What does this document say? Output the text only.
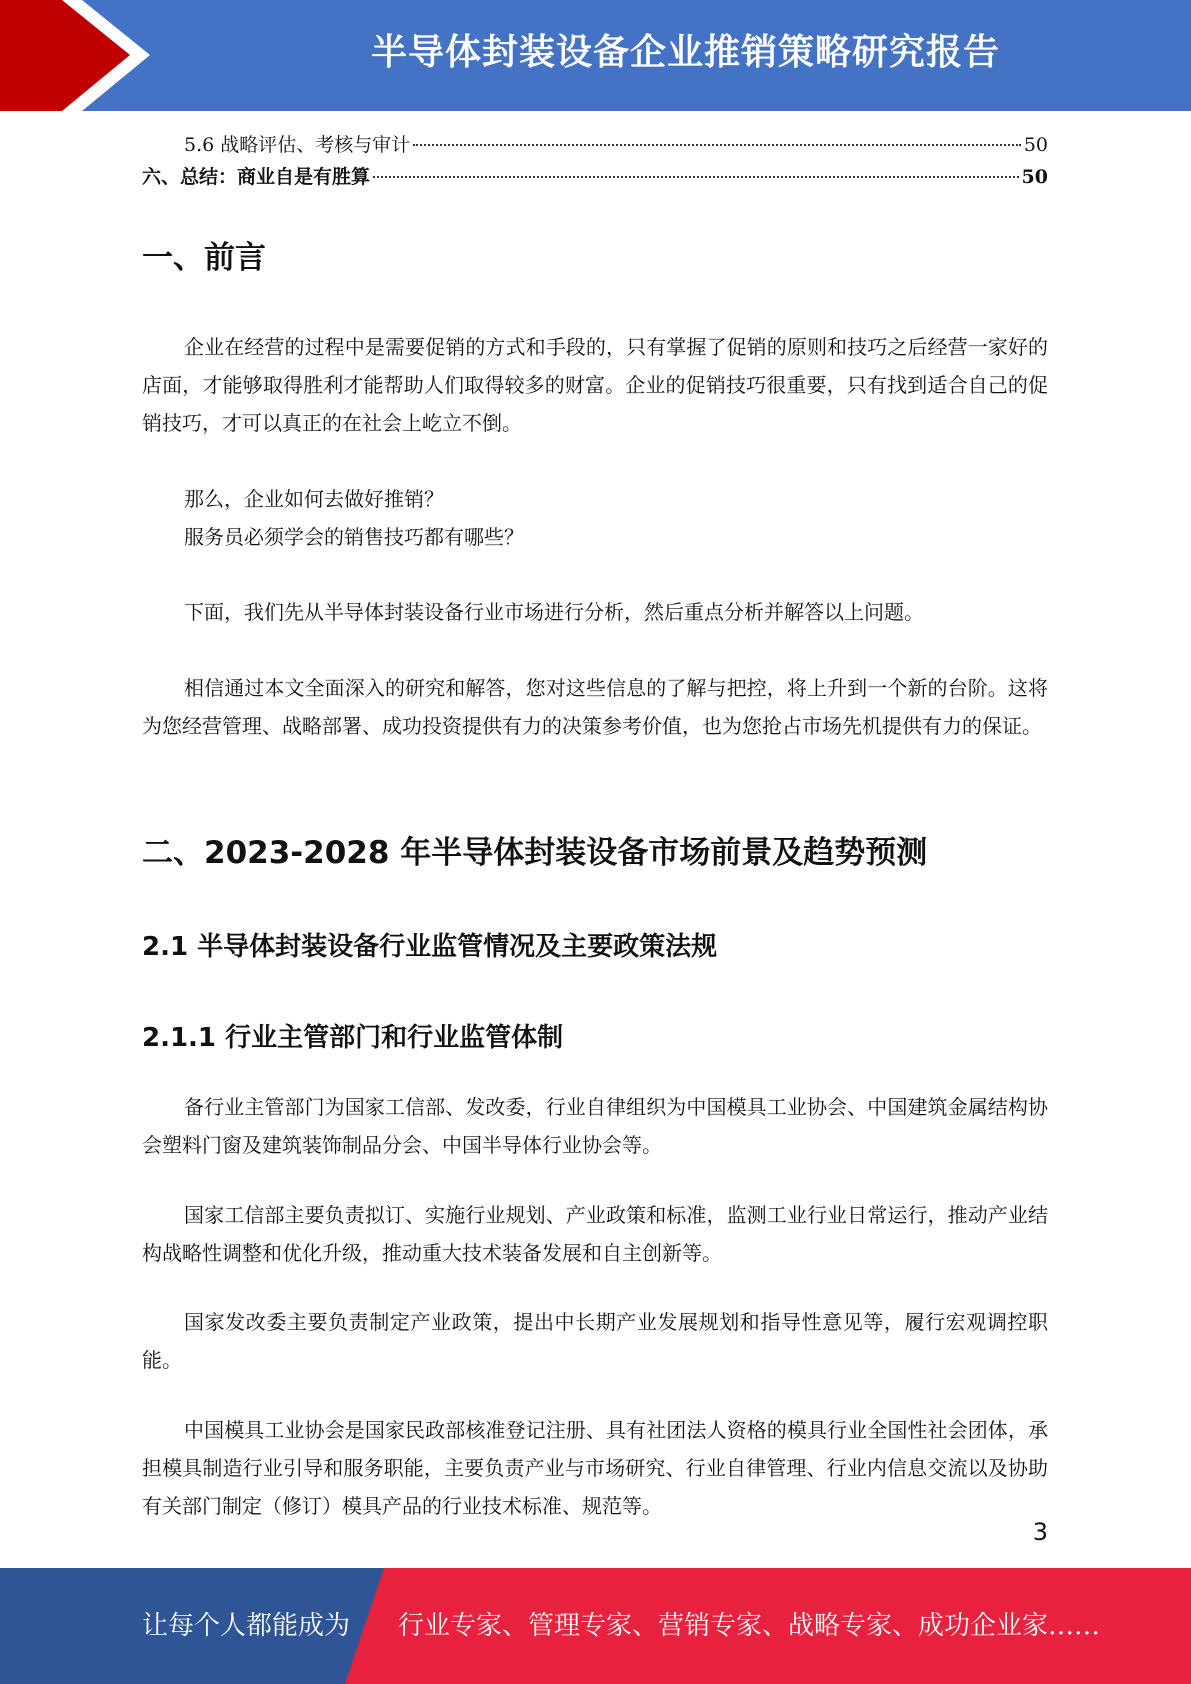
半导体封装设备企业推销策略研究报告
5.6 战略评估、考核与审计	50
六、总结：商业自是有胜算	50
一、前言

企业在经营的过程中是需要促销的方式和手段的，只有掌握了促销的原则和技巧之后经营一家好的店面，才能够取得胜利才能帮助人们取得较多的财富。企业的促销技巧很重要，只有找到适合自己的促销技巧，才可以真正的在社会上屹立不倒。

那么，企业如何去做好推销？
服务员必须学会的销售技巧都有哪些？

下面，我们先从半导体封装设备行业市场进行分析，然后重点分析并解答以上问题。

相信通过本文全面深入的研究和解答，您对这些信息的了解与把控，将上升到一个新的台阶。这将为您经营管理、战略部署、成功投资提供有力的决策参考价值，也为您抢占市场先机提供有力的保证。

二、2023-2028 年半导体封装设备市场前景及趋势预测
2.1 半导体封装设备行业监管情况及主要政策法规
2.1.1 行业主管部门和行业监管体制

备行业主管部门为国家工信部、发改委，行业自律组织为中国模具工业协会、中国建筑金属结构协会塑料门窗及建筑装饰制品分会、中国半导体行业协会等。

国家工信部主要负责拟订、实施行业规划、产业政策和标准，监测工业行业日常运行，推动产业结构战略性调整和优化升级，推动重大技术装备发展和自主创新等。

国家发改委主要负责制定产业政策，提出中长期产业发展规划和指导性意见等，履行宏观调控职能。

中国模具工业协会是国家民政部核准登记注册、具有社团法人资格的模具行业全国性社会团体，承担模具制造行业引导和服务职能，主要负责产业与市场研究、行业自律管理、行业内信息交流以及协助有关部门制定（修订）模具产品的行业技术标准、规范等。

3
让每个人都能成为 行业专家、管理专家、营销专家、战略专家、成功企业家……
